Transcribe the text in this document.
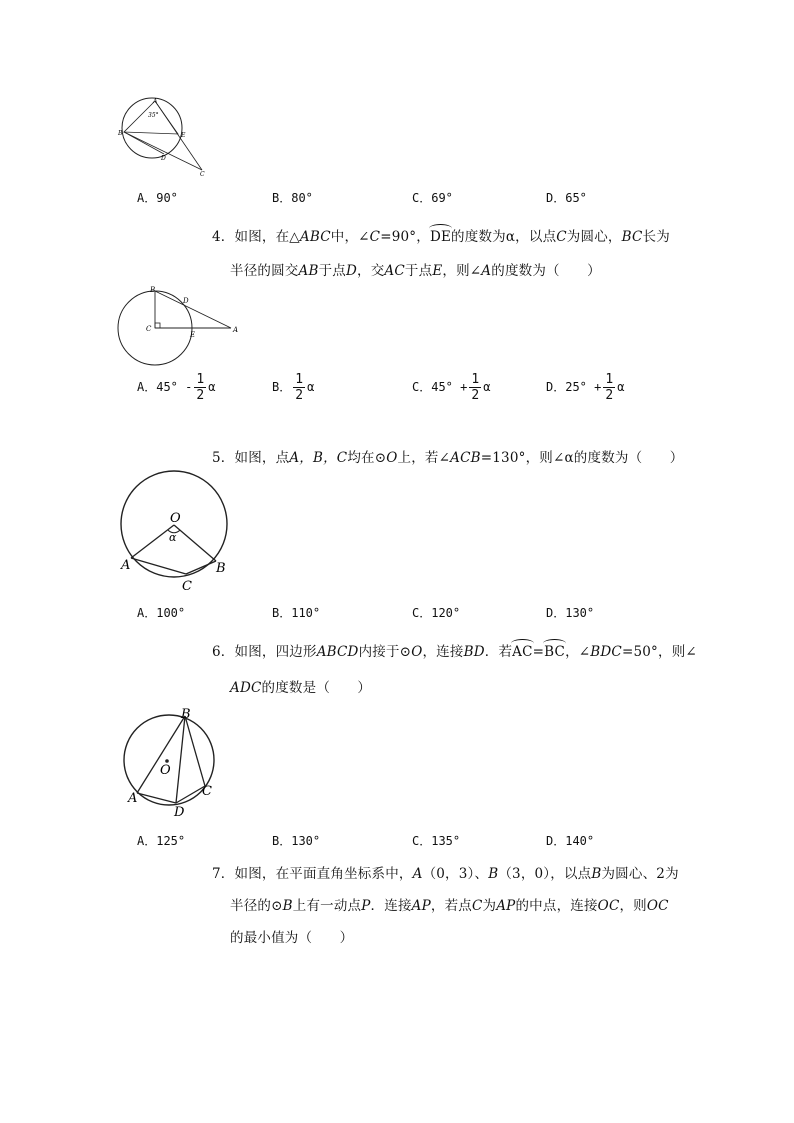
A
35°
B	E
D
C
A．90°	B．80°	C．69°	D．65°
4．如图，在△ABC中，∠C=90°，DE的度数为α，以点C为圆心，BC长为
半径的圆交AB于点D，交AC于点E，则∠A的度数为（　　）
B
D
C
E
A
A．$45^\circ - \frac{1}{2}$ α	B． $\frac{1}{2}$ α	C．$45^\circ + \frac{1}{2}$ α	D．$25^\circ + \frac{1}{2}$ α
5．如图，点A，B，C均在⊙O上，若∠ACB=130°，则∠α的度数为（　　）
O
α
A	B
C
A．100°	B．110°	C．120°	D．130°
6．如图，四边形ABCD内接于⊙O，连接BD．若AC=BC，∠BDC=50°，则∠
ADC的度数是（　　）
B
O
A	C
D
A．125°	B．130°	C．135°	D．140°
7．如图，在平面直角坐标系中，A（0，3）、B（3，0），以点B为圆心、2为
半径的⊙B上有一动点P．连接AP，若点C为AP的中点，连接OC，则OC
的最小值为（　　）
